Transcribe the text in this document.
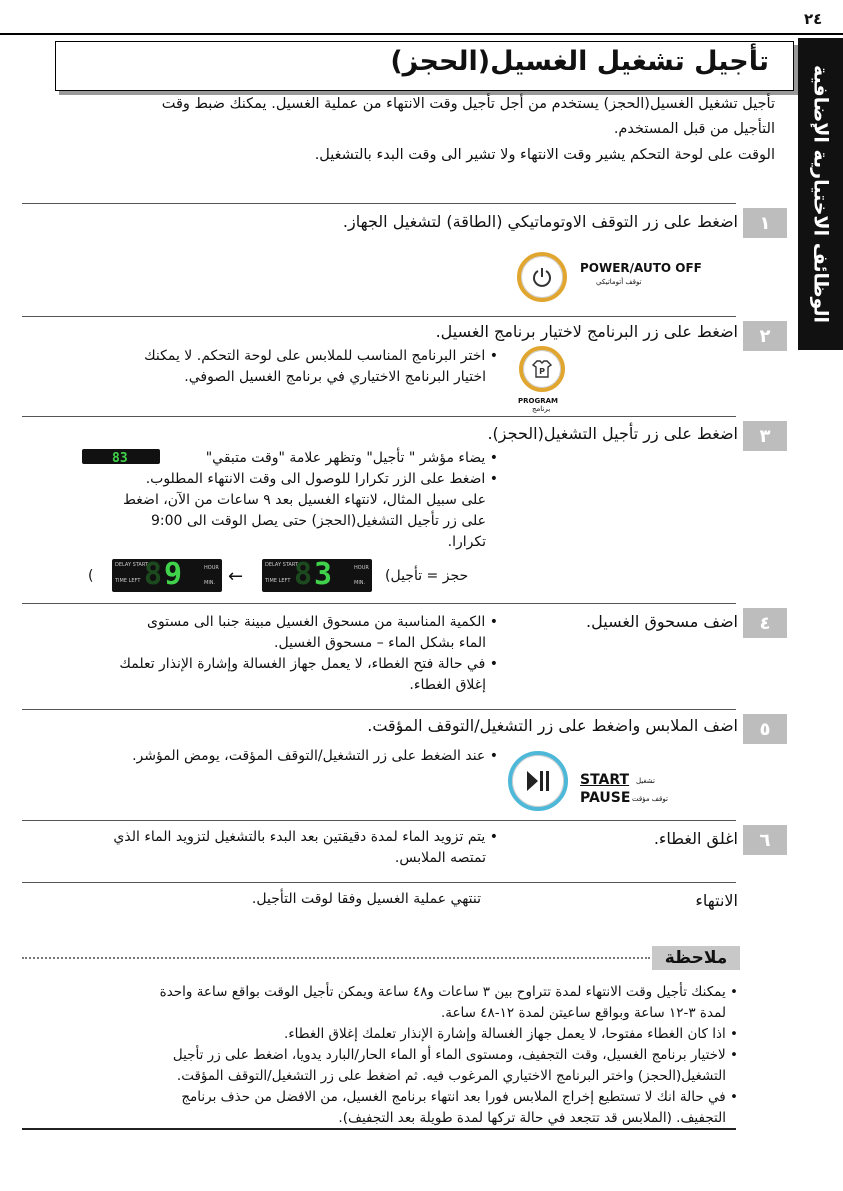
٢٤
الوظائف الاختيارية الإضافية
تأجيل تشغيل الغسيل(الحجز)
تأجيل تشغيل الغسيل(الحجز) يستخدم من أجل تأجيل وقت الانتهاء من عملية الغسيل. يمكنك ضبط وقت
التأجيل من قبل المستخدم.
الوقت على لوحة التحكم يشير وقت الانتهاء ولا تشير الى وقت البدء بالتشغيل.
١
اضغط على زر التوقف الاوتوماتيكي (الطاقة) لتشغيل الجهاز.
POWER/AUTO OFF
توقف أتوماتيكي
٢
اضغط على زر البرنامج لاختيار برنامج الغسيل.
• اختر البرنامج المناسب للملابس على لوحة التحكم. لا يمكنك
اختيار البرنامج الاختياري في برنامج الغسيل الصوفي.	P
PROGRAM
برنامج
٣
اضغط على زر تأجيل التشغيل(الحجز).
• يضاء مؤشر " تأجيل" وتظهر علامة "وقت متبقي"
• اضغط على الزر تكرارا للوصول الى وقت الانتهاء المطلوب.
على سبيل المثال، لانتهاء الغسيل بعد ٩ ساعات من الآن، اضغط
على زر تأجيل التشغيل(الحجز) حتى يصل الوقت الى 9:00
تكرارا.
83
(
DELAY START
TIME LEFT
HOUR
MIN.
8 9	←
DELAY START
TIME LEFT
HOUR
MIN.
8 3	حجز = تأجيل)
٤
اضف مسحوق الغسيل.
• الكمية المناسبة من مسحوق الغسيل مبينة جنبا الى مستوى
الماء بشكل الماء – مسحوق الغسيل.
• في حالة فتح الغطاء، لا يعمل جهاز الغسالة وإشارة الإنذار تعلمك
إغلاق الغطاء.
٥
اضف الملابس واضغط على زر التشغيل/التوقف المؤقت.
• عند الضغط على زر التشغيل/التوقف المؤقت، يومض المؤشر.
START تشغيل
PAUSE توقف مؤقت
٦
اغلق الغطاء.
• يتم تزويد الماء لمدة دقيقتين بعد البدء بالتشغيل لتزويد الماء الذي
تمتصه الملابس.
الانتهاء
تنتهي عملية الغسيل وفقا لوقت التأجيل.
ملاحظة
• يمكنك تأجيل وقت الانتهاء لمدة تتراوح بين ٣ ساعات و٤٨ ساعة ويمكن تأجيل الوقت بواقع ساعة واحدة
لمدة ٣-١٢ ساعة وبواقع ساعيتن لمدة ١٢-٤٨ ساعة.
• اذا كان الغطاء مفتوحا، لا يعمل جهاز الغسالة وإشارة الإنذار تعلمك إغلاق الغطاء.
• لاختيار برنامج الغسيل، وقت التجفيف، ومستوى الماء أو الماء الحار/البارد يدويا، اضغط على زر تأجيل
التشغيل(الحجز) واختر البرنامج الاختياري المرغوب فيه. ثم اضغط على زر التشغيل/التوقف المؤقت.
• في حالة انك لا تستطيع إخراج الملابس فورا بعد انتهاء برنامج الغسيل، من الافضل من حذف برنامج
التجفيف. (الملابس قد تتجعد في حالة تركها لمدة طويلة بعد التجفيف).
